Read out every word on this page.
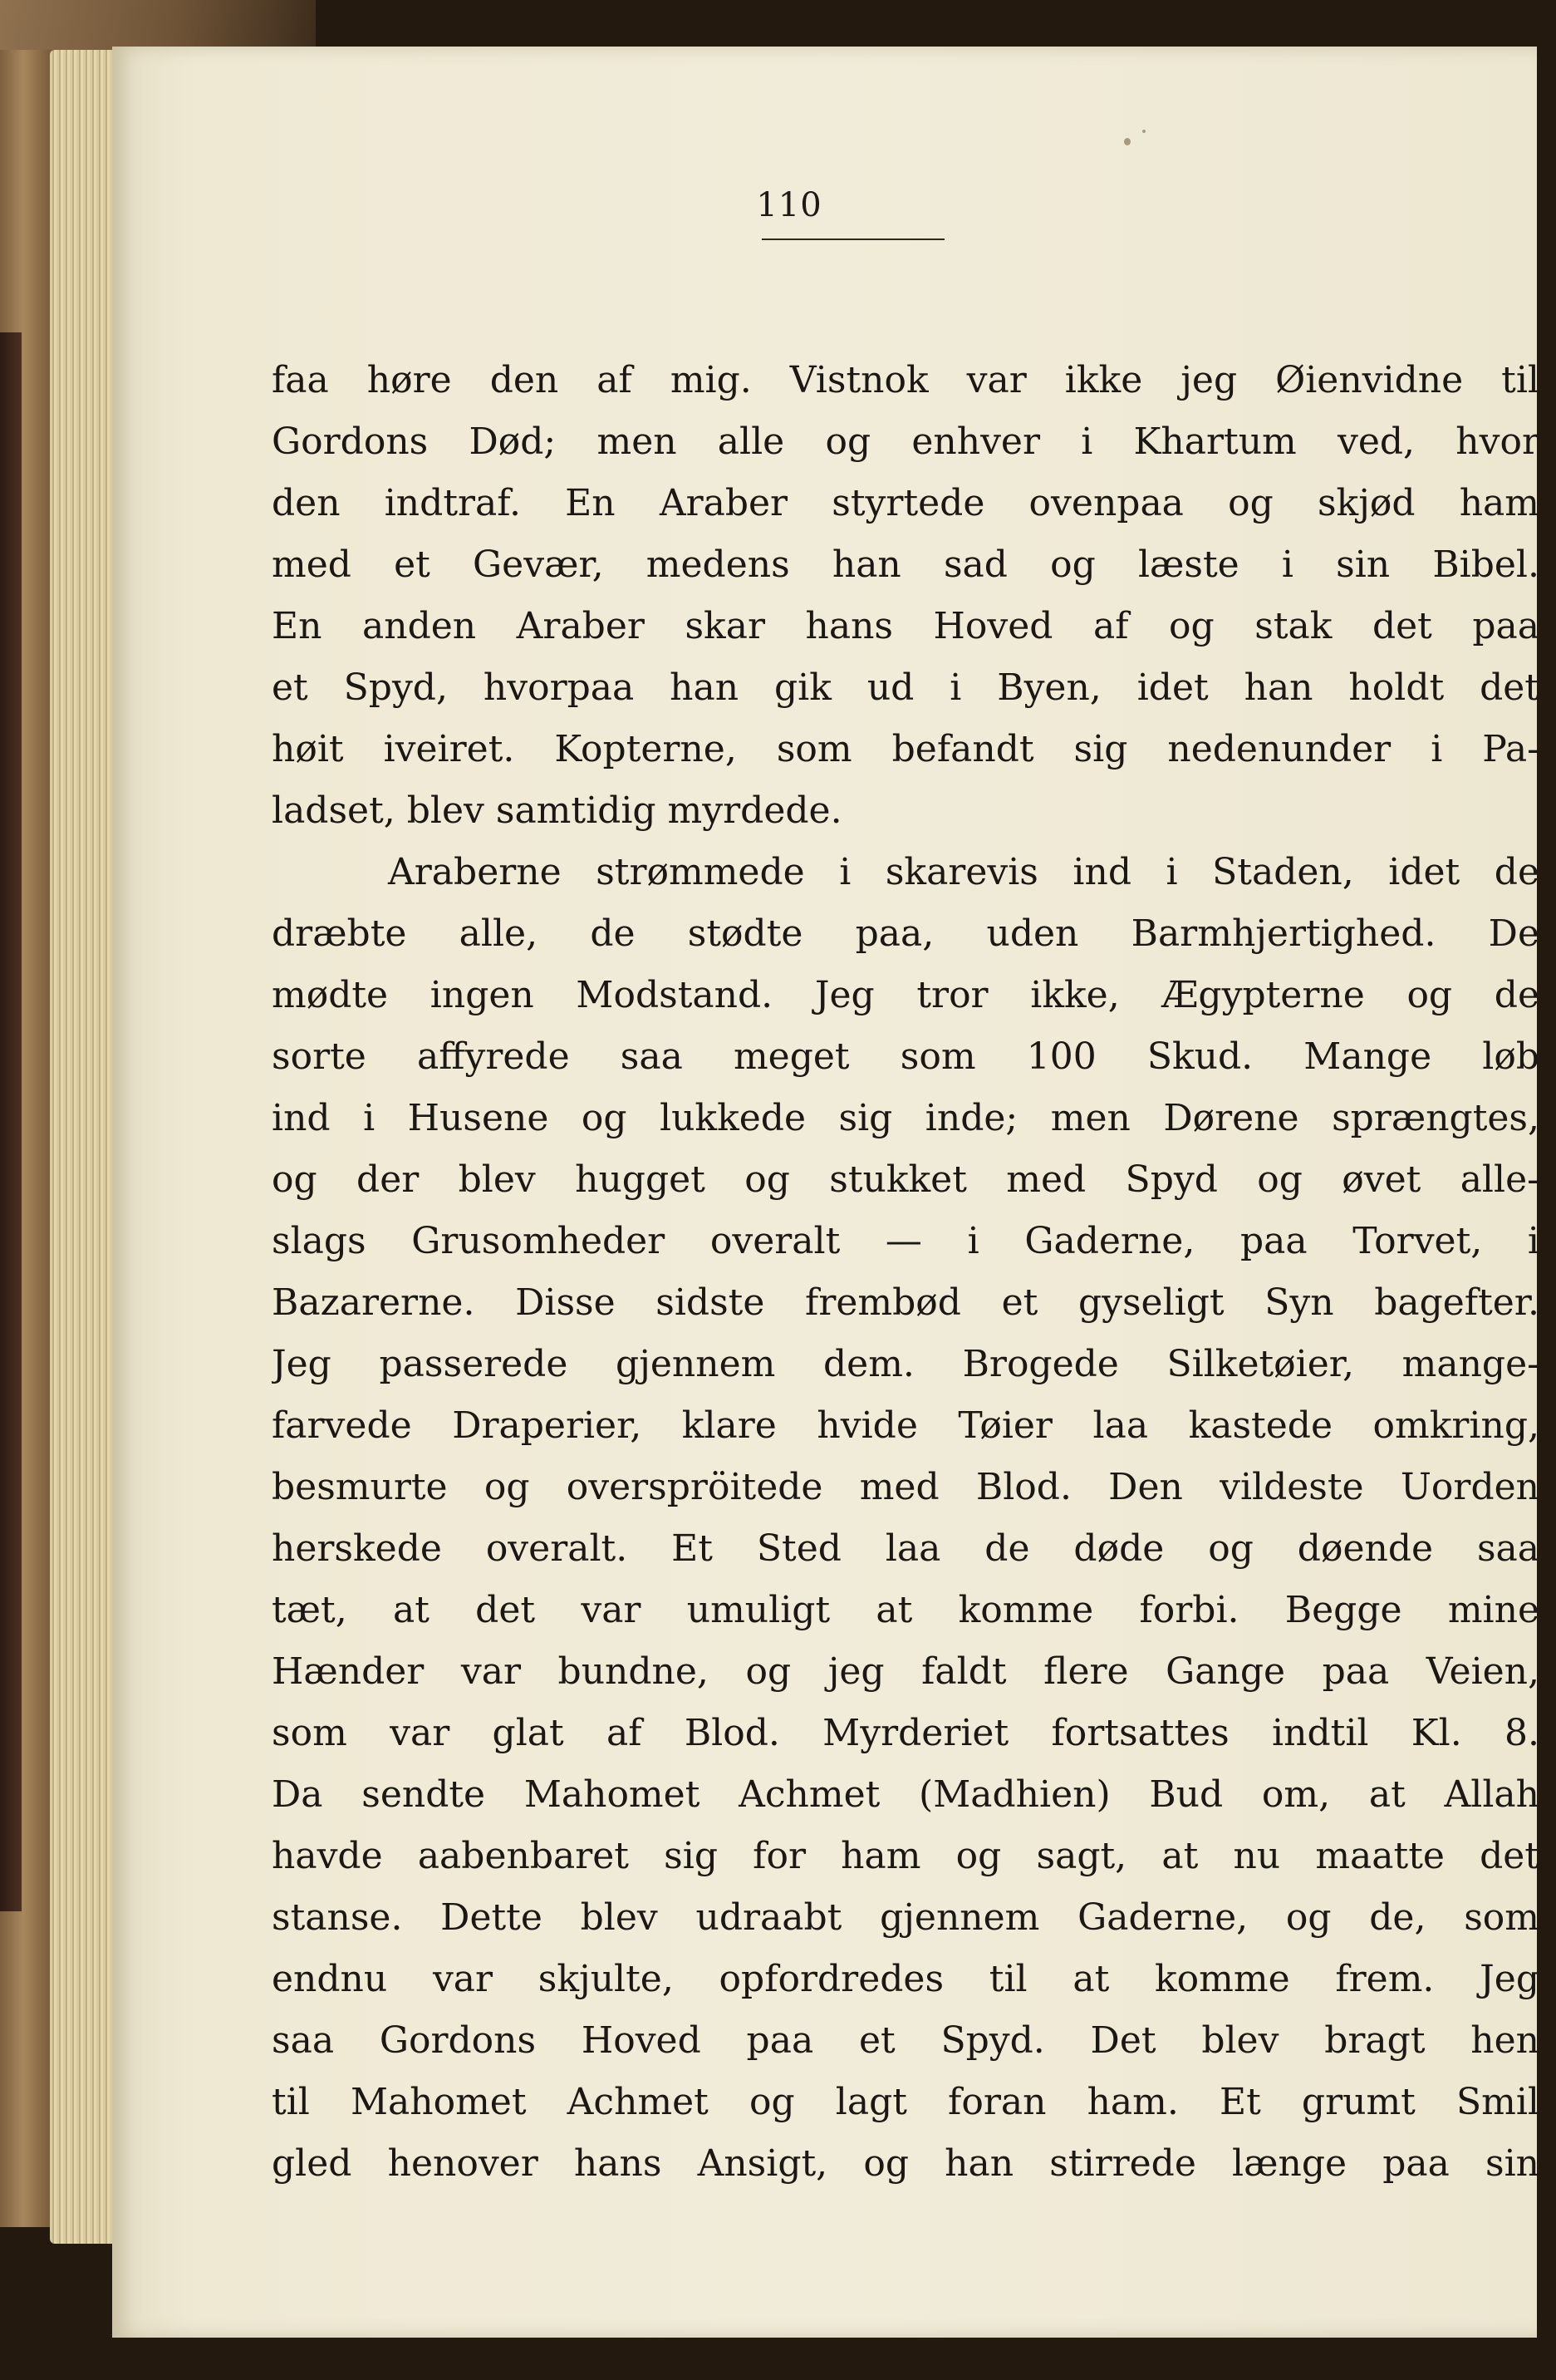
110
faa høre den af mig. Vistnok var ikke jeg Øienvidne til
Gordons Død; men alle og enhver i Khartum ved, hvor
den indtraf. En Araber styrtede ovenpaa og skjød ham
med et Gevær, medens han sad og læste i sin Bibel.
En anden Araber skar hans Hoved af og stak det paa
et Spyd, hvorpaa han gik ud i Byen, idet han holdt det
høit iveiret. Kopterne, som befandt sig nedenunder i Pa-
ladset, blev samtidig myrdede.
Araberne strømmede i skarevis ind i Staden, idet de
dræbte alle, de stødte paa, uden Barmhjertighed. De
mødte ingen Modstand. Jeg tror ikke, Ægypterne og de
sorte affyrede saa meget som 100 Skud. Mange løb
ind i Husene og lukkede sig inde; men Dørene sprængtes,
og der blev hugget og stukket med Spyd og øvet alle-
slags Grusomheder overalt — i Gaderne, paa Torvet, i
Bazarerne. Disse sidste frembød et gyseligt Syn bagefter.
Jeg passerede gjennem dem. Brogede Silketøier, mange-
farvede Draperier, klare hvide Tøier laa kastede omkring,
besmurte og overspröitede med Blod. Den vildeste Uorden
herskede overalt. Et Sted laa de døde og døende saa
tæt, at det var umuligt at komme forbi. Begge mine
Hænder var bundne, og jeg faldt flere Gange paa Veien,
som var glat af Blod. Myrderiet fortsattes indtil Kl. 8.
Da sendte Mahomet Achmet (Madhien) Bud om, at Allah
havde aabenbaret sig for ham og sagt, at nu maatte det
stanse. Dette blev udraabt gjennem Gaderne, og de, som
endnu var skjulte, opfordredes til at komme frem. Jeg
saa Gordons Hoved paa et Spyd. Det blev bragt hen
til Mahomet Achmet og lagt foran ham. Et grumt Smil
gled henover hans Ansigt, og han stirrede længe paa sin
